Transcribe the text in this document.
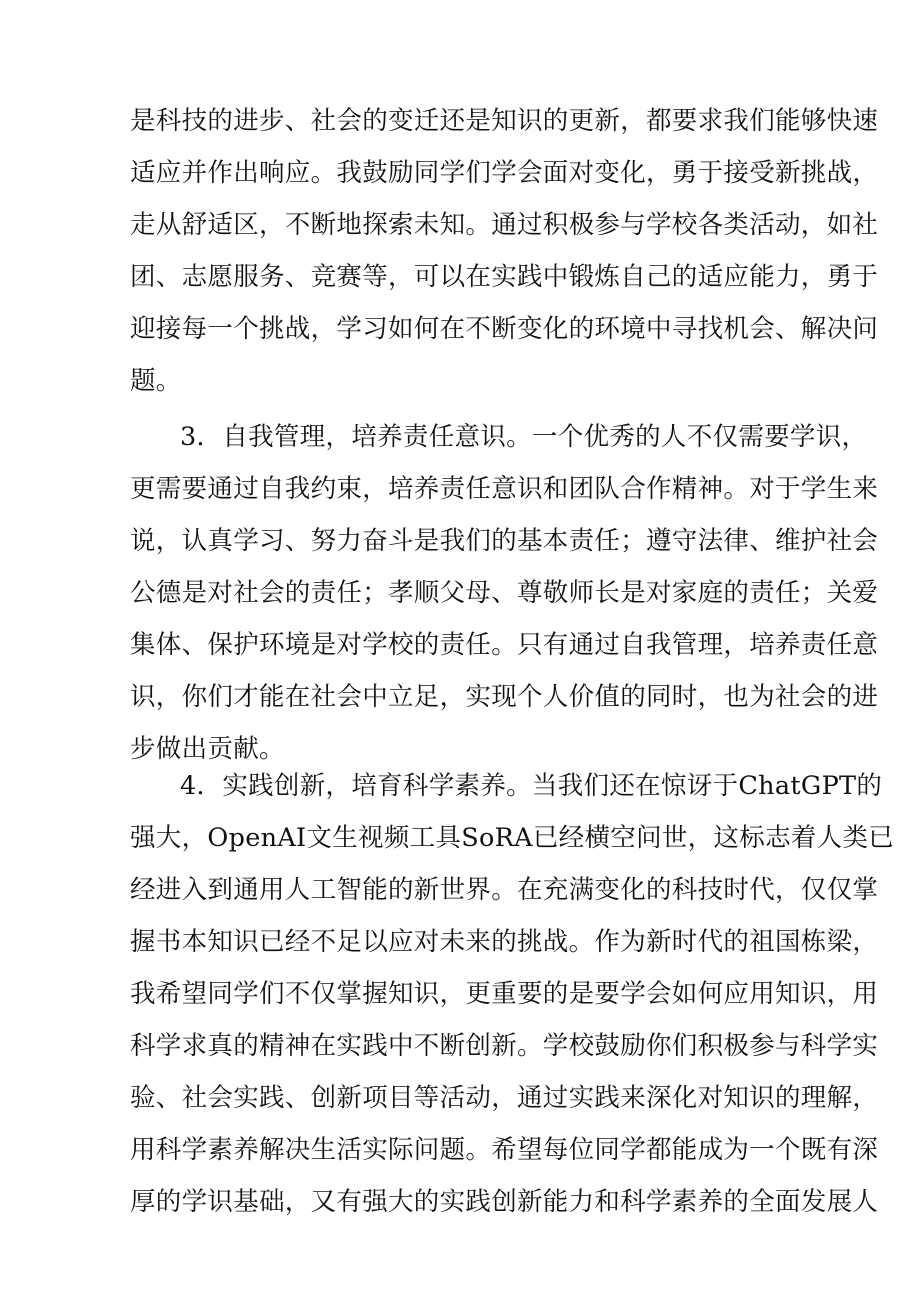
是科技的进步、社会的变迁还是知识的更新，都要求我们能够快速
适应并作出响应。我鼓励同学们学会面对变化，勇于接受新挑战，
走从舒适区，不断地探索未知。通过积极参与学校各类活动，如社
团、志愿服务、竞赛等，可以在实践中锻炼自己的适应能力，勇于
迎接每一个挑战，学习如何在不断变化的环境中寻找机会、解决问
题。
3．自我管理，培养责任意识。一个优秀的人不仅需要学识，
更需要通过自我约束，培养责任意识和团队合作精神。对于学生来
说，认真学习、努力奋斗是我们的基本责任；遵守法律、维护社会
公德是对社会的责任；孝顺父母、尊敬师长是对家庭的责任；关爱
集体、保护环境是对学校的责任。只有通过自我管理，培养责任意
识，你们才能在社会中立足，实现个人价值的同时，也为社会的进
步做出贡献。
4．实践创新，培育科学素养。当我们还在惊讶于ChatGPT的
强大，OpenAI文生视频工具SoRA已经横空问世，这标志着人类已
经进入到通用人工智能的新世界。在充满变化的科技时代，仅仅掌
握书本知识已经不足以应对未来的挑战。作为新时代的祖国栋梁，
我希望同学们不仅掌握知识，更重要的是要学会如何应用知识，用
科学求真的精神在实践中不断创新。学校鼓励你们积极参与科学实
验、社会实践、创新项目等活动，通过实践来深化对知识的理解，
用科学素养解决生活实际问题。希望每位同学都能成为一个既有深
厚的学识基础，又有强大的实践创新能力和科学素养的全面发展人
